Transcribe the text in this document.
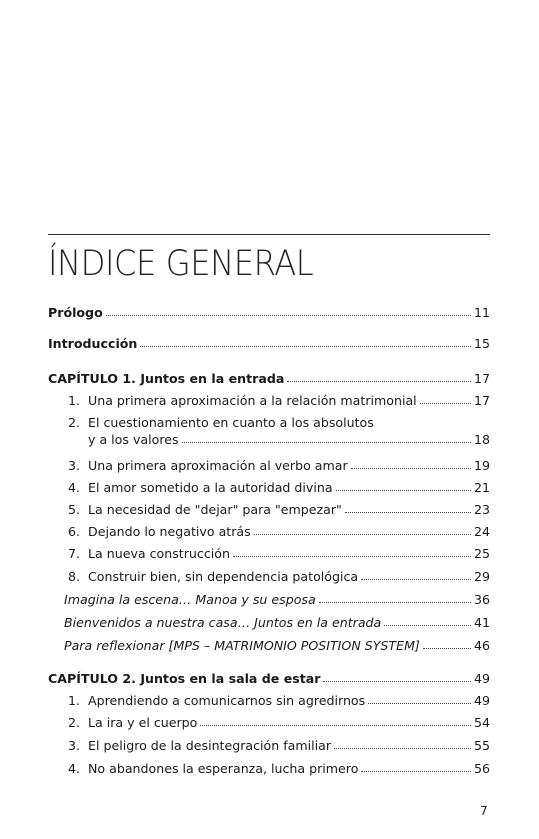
ÍNDICE GENERAL
Prólogo	11
Introducción	15
CAPÍTULO 1. Juntos en la entrada	17
1. Una primera aproximación a la relación matrimonial	17
2. El cuestionamiento en cuanto a los absolutos
y a los valores	18
3. Una primera aproximación al verbo amar	19
4. El amor sometido a la autoridad divina	21
5. La necesidad de "dejar" para "empezar"	23
6. Dejando lo negativo atrás	24
7. La nueva construcción	25
8. Construir bien, sin dependencia patológica	29
Imagina la escena… Manoa y su esposa	36
Bienvenidos a nuestra casa… Juntos en la entrada	41
Para reflexionar [MPS – MATRIMONIO POSITION SYSTEM]	46
CAPÍTULO 2. Juntos en la sala de estar	49
1. Aprendiendo a comunicarnos sin agredirnos	49
2. La ira y el cuerpo	54
3. El peligro de la desintegración familiar	55
4. No abandones la esperanza, lucha primero	56
7
